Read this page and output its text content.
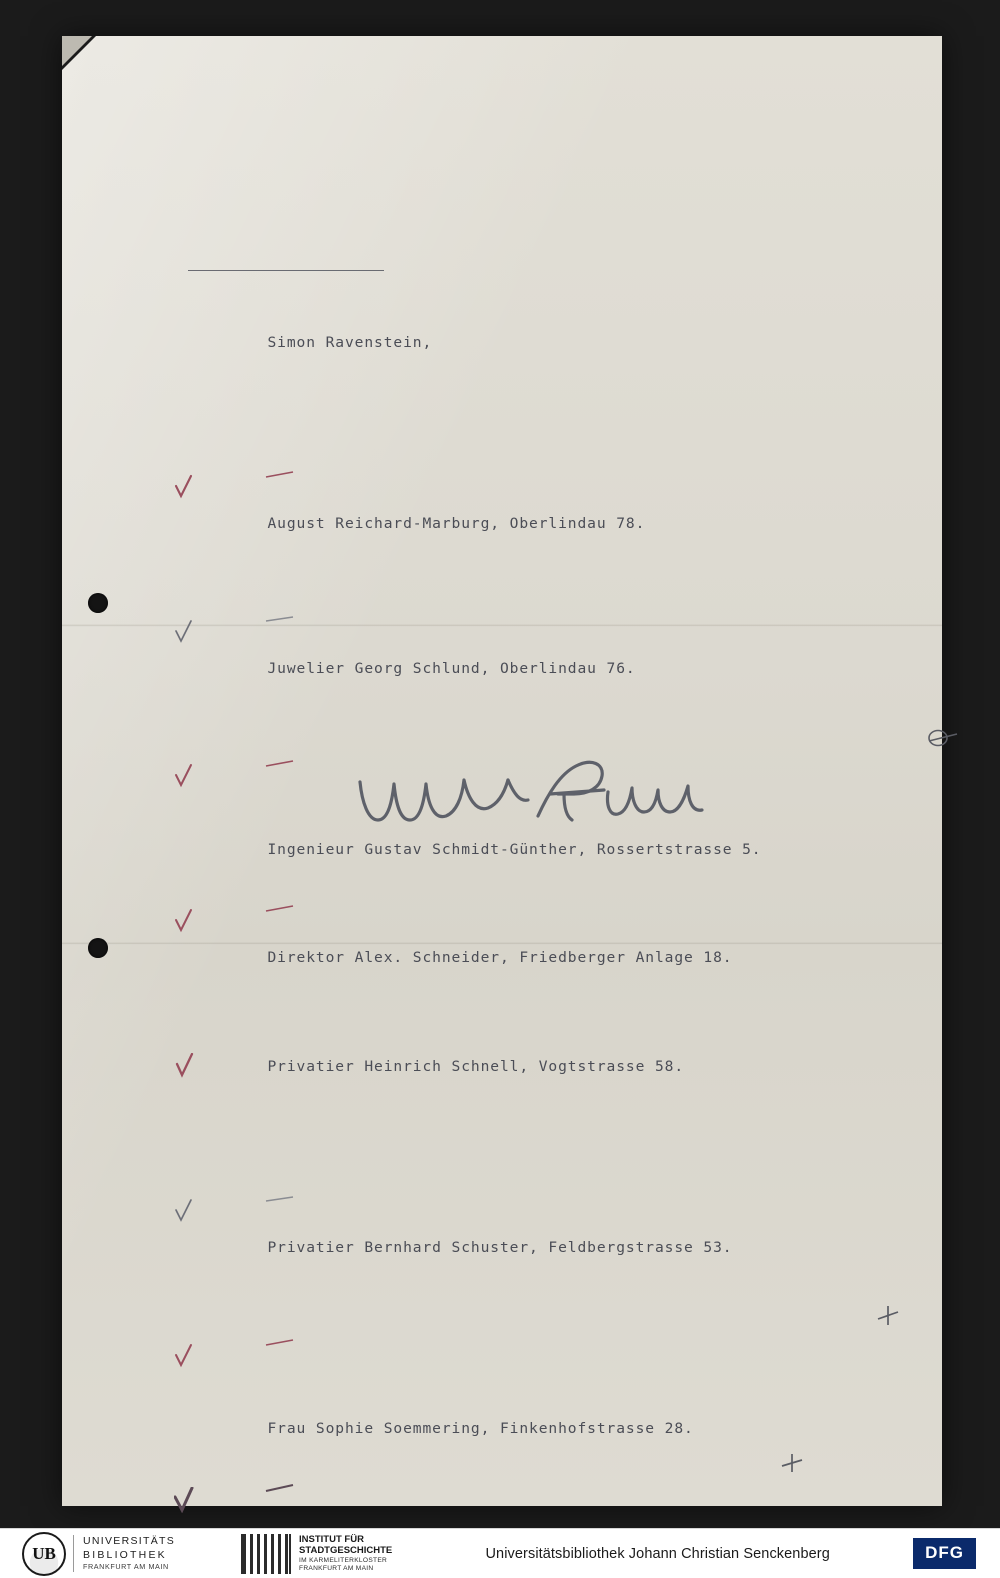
Simon Ravenstein,

August Reichard-Marburg, Oberlindau 78.

Juwelier Georg Schlund, Oberlindau 76.

Ingenieur Gustav Schmidt-Günther, Rossertstrasse 5.

Direktor Alex. Schneider, Friedberger Anlage 18.

Privatier Heinrich Schnell, Vogtstrasse 58.

Privatier Bernhard Schuster, Feldbergstrasse 53.

Frau Sophie Soemmering, Finkenhofstrasse 28.

UB
UNIVERSITÄTS
BIBLIOTHEK
FRANKFURT AM MAIN
INSTITUT FÜR
STADTGESCHICHTE
IM KARMELITERKLOSTER
FRANKFURT AM MAIN
Universitätsbibliothek Johann Christian Senckenberg	DFG
